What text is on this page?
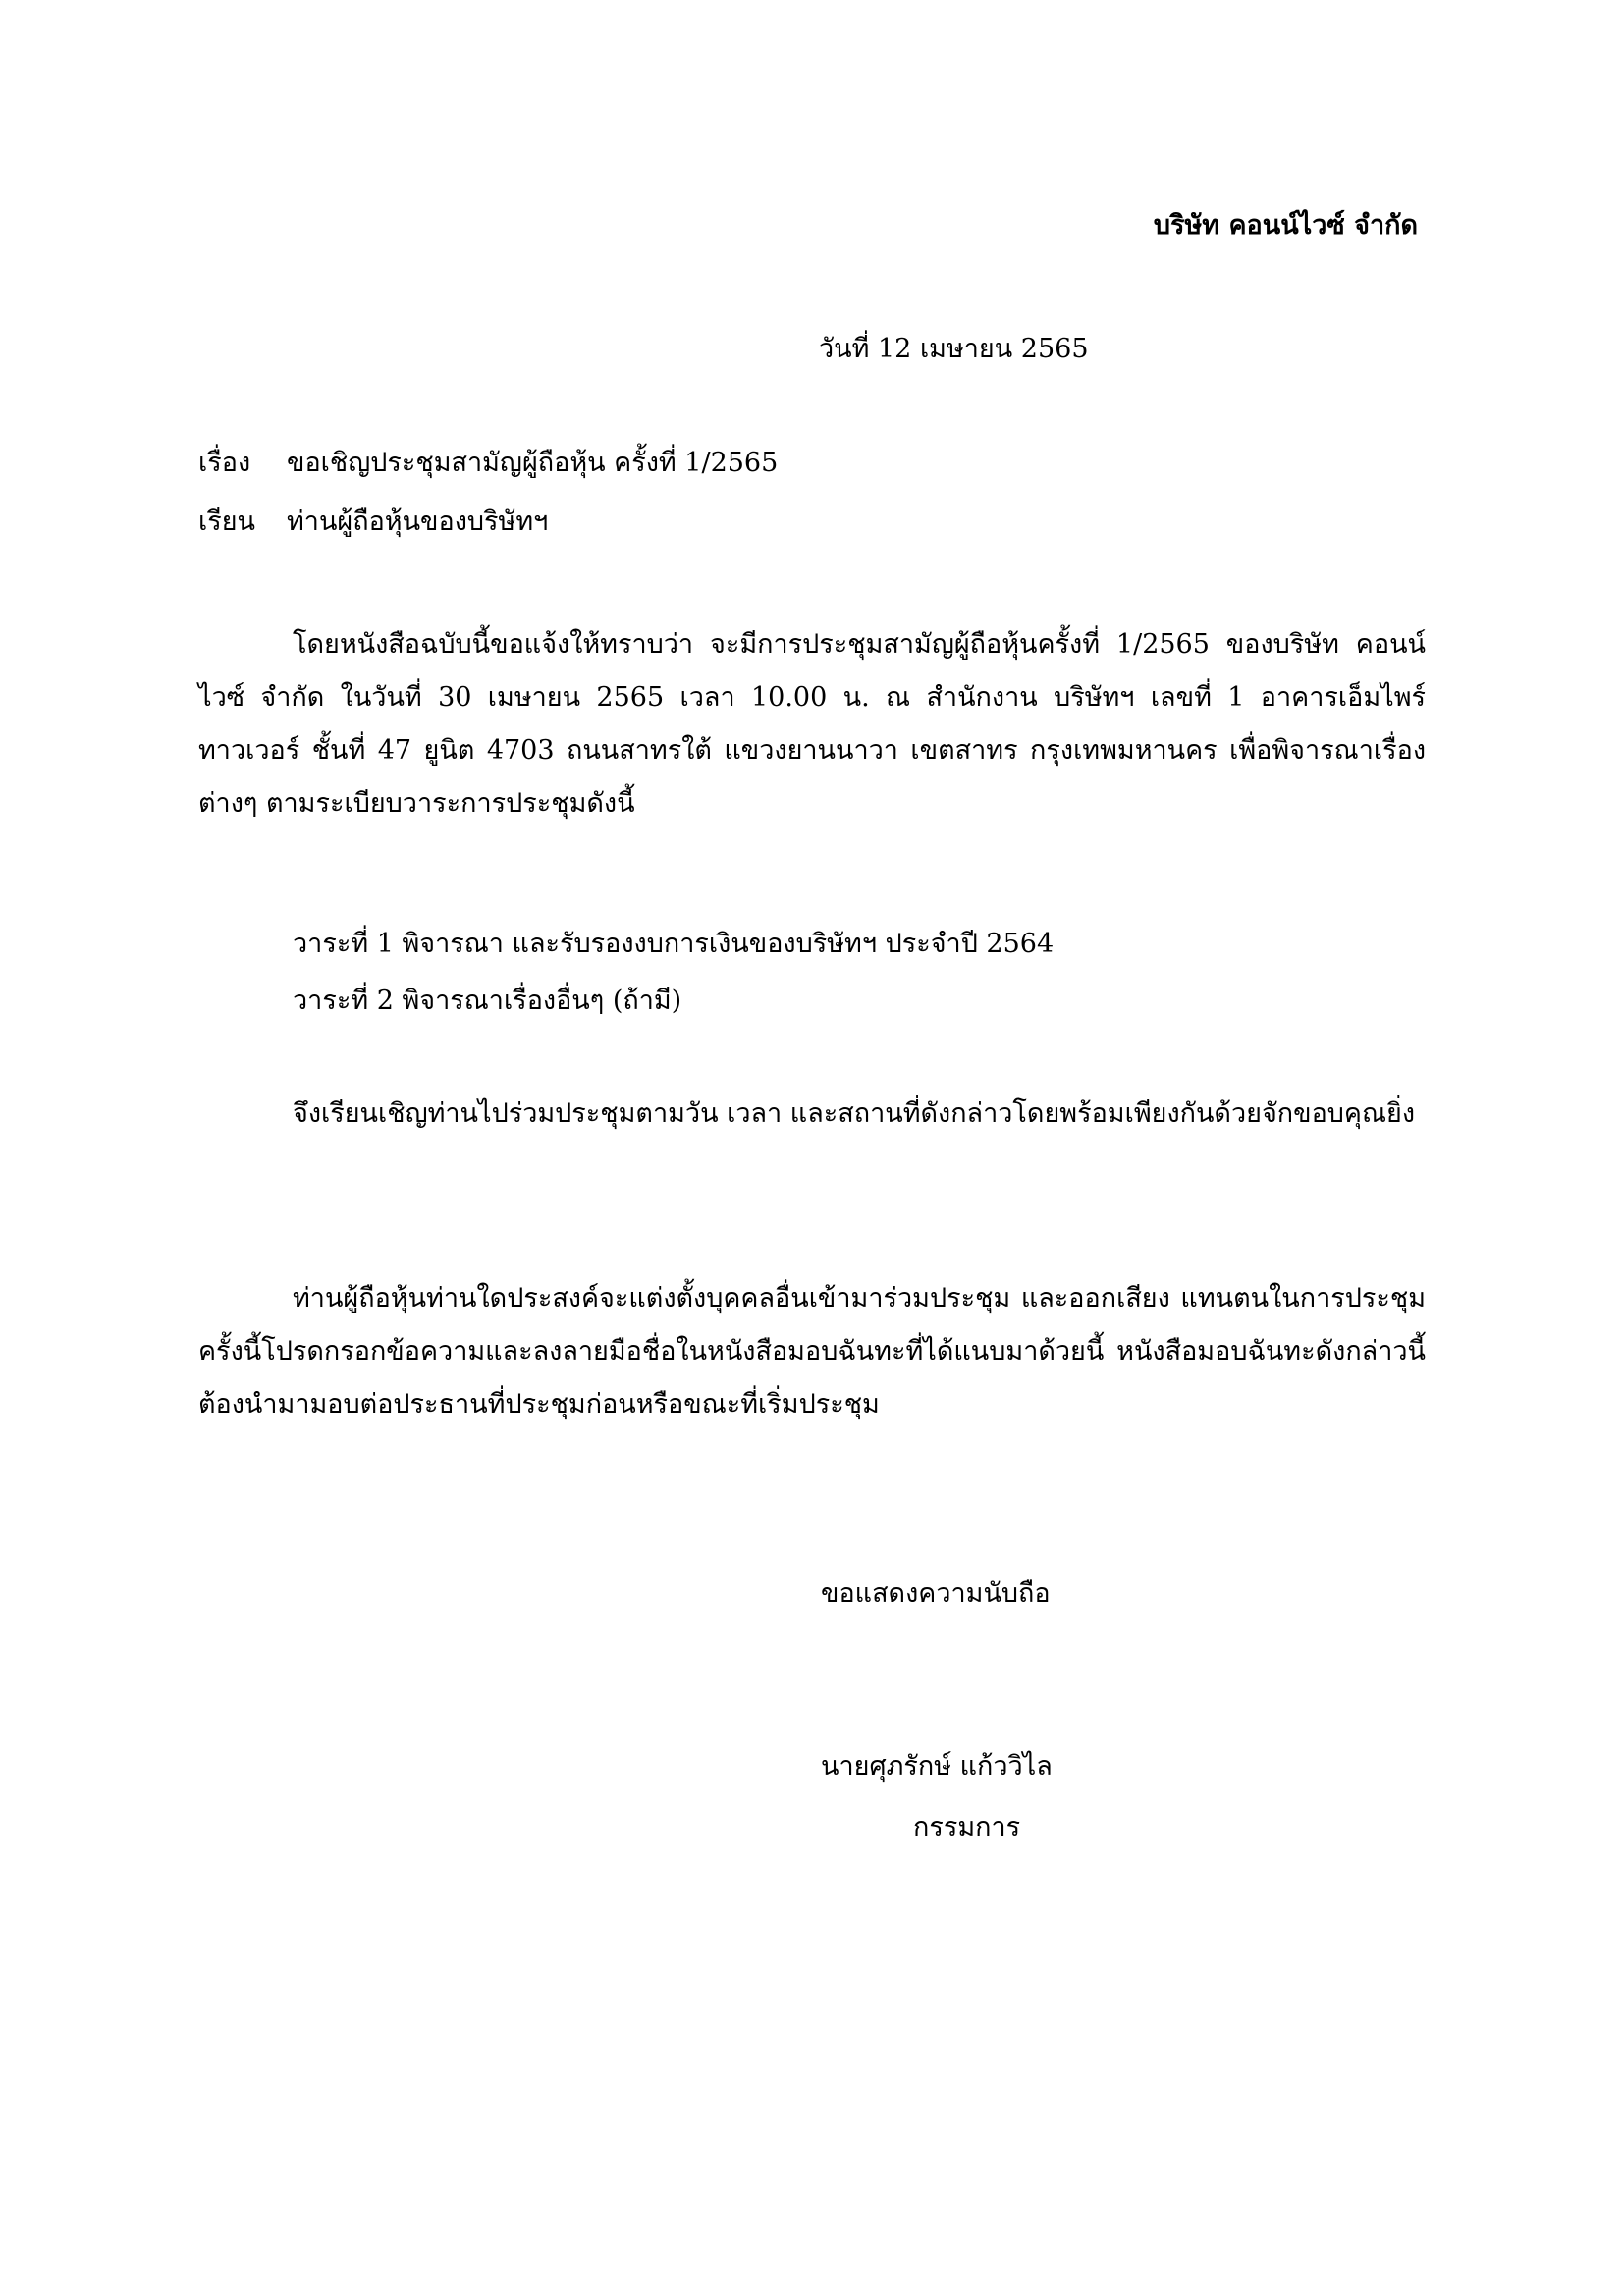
บริษัท คอนน์ไวซ์ จำกัด
วันที่ 12 เมษายน 2565
เรื่อง ขอเชิญประชุมสามัญผู้ถือหุ้น ครั้งที่ 1/2565
เรียน ท่านผู้ถือหุ้นของบริษัทฯ
โดยหนังสือฉบับนี้ขอแจ้งให้ทราบว่า จะมีการประชุมสามัญผู้ถือหุ้นครั้งที่ 1/2565 ของบริษัท คอนน์ไวซ์ จำกัด ในวันที่ 30 เมษายน 2565 เวลา 10.00 น. ณ สำนักงาน บริษัทฯ เลขที่ 1 อาคารเอ็มไพร์ ทาวเวอร์ ชั้นที่ 47 ยูนิต 4703 ถนนสาทรใต้ แขวงยานนาวา เขตสาทร กรุงเทพมหานคร เพื่อพิจารณาเรื่องต่างๆ ตามระเบียบวาระการประชุมดังนี้
วาระที่ 1 พิจารณา และรับรองงบการเงินของบริษัทฯ ประจำปี 2564
วาระที่ 2 พิจารณาเรื่องอื่นๆ (ถ้ามี)
จึงเรียนเชิญท่านไปร่วมประชุมตามวัน เวลา และสถานที่ดังกล่าวโดยพร้อมเพียงกันด้วยจักขอบคุณยิ่ง
ท่านผู้ถือหุ้นท่านใดประสงค์จะแต่งตั้งบุคคลอื่นเข้ามาร่วมประชุม และออกเสียง แทนตนในการประชุมครั้งนี้โปรดกรอกข้อความและลงลายมือชื่อในหนังสือมอบฉันทะที่ได้แนบมาด้วยนี้ หนังสือมอบฉันทะดังกล่าวนี้ต้องนำมามอบต่อประธานที่ประชุมก่อนหรือขณะที่เริ่มประชุม
ขอแสดงความนับถือ
นายศุภรักษ์ แก้ววิไล
กรรมการ
